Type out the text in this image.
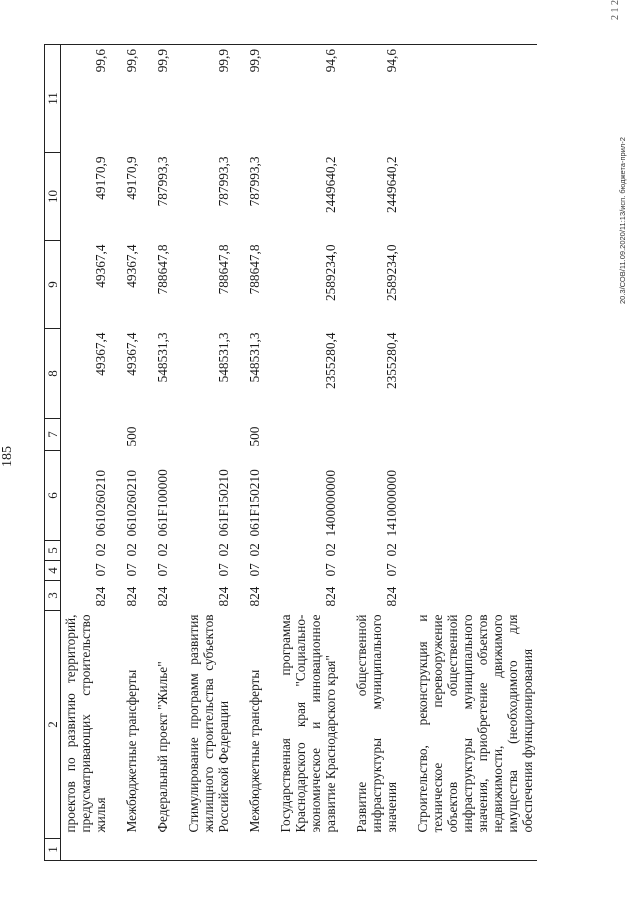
185
1	2	3	4	5	6	7	8	9	10	11
	проектов по развитию территорий, предусматривающих строительство жилья	824	07	02	0610260210		49367,4	49367,4	49170,9	99,6

	Межбюджетные трансферты	824	07	02	0610260210	500	49367,4	49367,4	49170,9	99,6

	Федеральный проект "Жилье"	824	07	02	061F100000		548531,3	788647,8	787993,3	99,9

	Стимулирование программ развития жилищного строительства субъектов Российской Федерации	824	07	02	061F150210		548531,3	788647,8	787993,3	99,9

	Межбюджетные трансферты	824	07	02	061F150210	500	548531,3	788647,8	787993,3	99,9

	Государственная программа Краснодарского края "Социально-экономическое и инновационное развитие Краснодарского края"	824	07	02	1400000000		2355280,4	2589234,0	2449640,2	94,6

	Развитие общественной инфраструктуры муниципального значения	824	07	02	1410000000		2355280,4	2589234,0	2449640,2	94,6

	Строительство, реконструкция и техническое перевооружение объектов общественной инфраструктуры муниципального значения, приобретение объектов недвижимости, движимого имущества (необходимого для обеспечения функционирования									
20.3/СОВ/11.09.2020/11:13/исп. бюджета-прил-2
2 1 2
